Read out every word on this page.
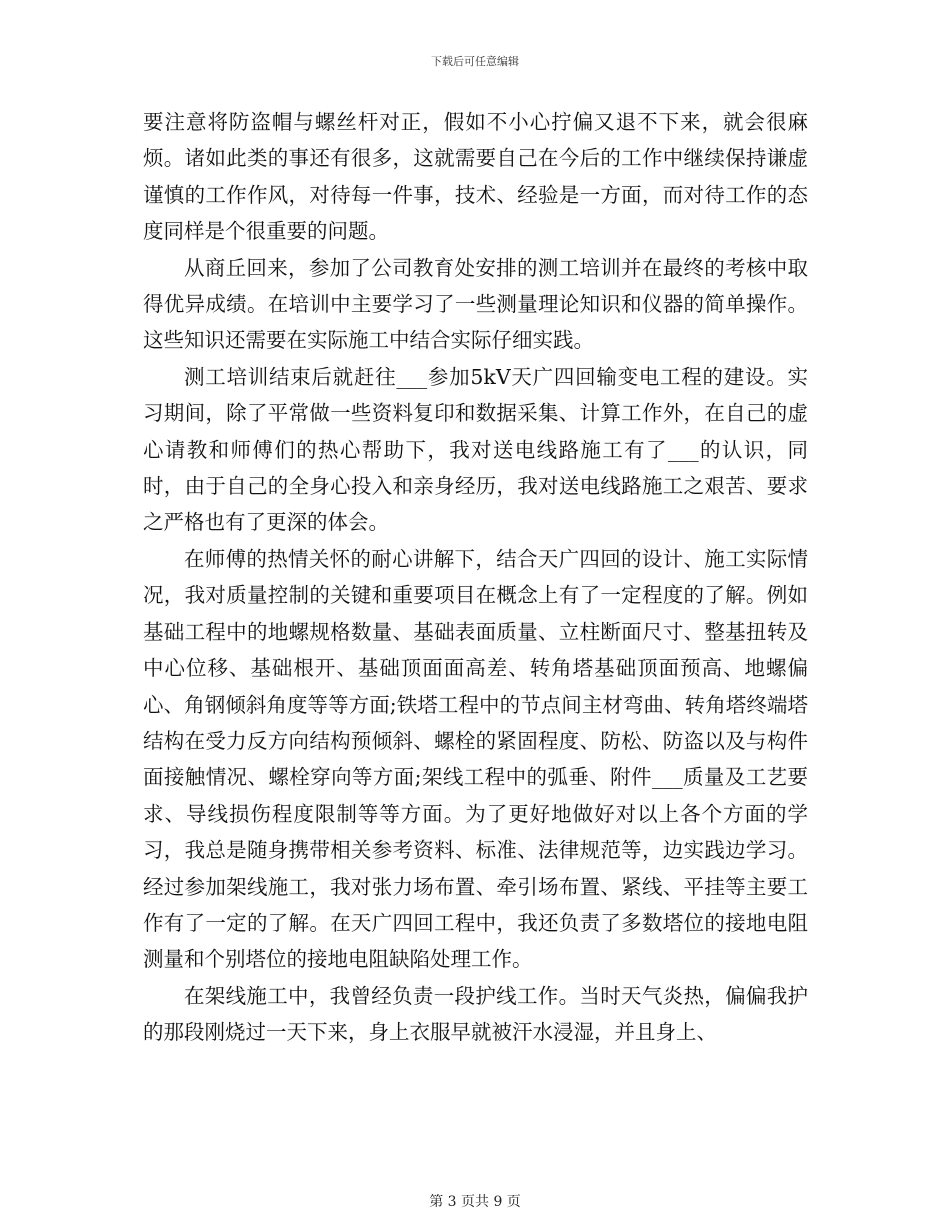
下载后可任意编辑

要注意将防盗帽与螺丝杆对正，假如不小心拧偏又退不下来，就会很麻烦。诸如此类的事还有很多，这就需要自己在今后的工作中继续保持谦虚谨慎的工作作风，对待每一件事，技术、经验是一方面，而对待工作的态度同样是个很重要的问题。

从商丘回来，参加了公司教育处安排的测工培训并在最终的考核中取得优异成绩。在培训中主要学习了一些测量理论知识和仪器的简单操作。这些知识还需要在实际施工中结合实际仔细实践。

测工培训结束后就赶往___参加5kV天广四回输变电工程的建设。实习期间，除了平常做一些资料复印和数据采集、计算工作外，在自己的虚心请教和师傅们的热心帮助下，我对送电线路施工有了___的认识，同时，由于自己的全身心投入和亲身经历，我对送电线路施工之艰苦、要求之严格也有了更深的体会。

在师傅的热情关怀的耐心讲解下，结合天广四回的设计、施工实际情况，我对质量控制的关键和重要项目在概念上有了一定程度的了解。例如基础工程中的地螺规格数量、基础表面质量、立柱断面尺寸、整基扭转及中心位移、基础根开、基础顶面面高差、转角塔基础顶面预高、地螺偏心、角钢倾斜角度等等方面;铁塔工程中的节点间主材弯曲、转角塔终端塔结构在受力反方向结构预倾斜、螺栓的紧固程度、防松、防盗以及与构件面接触情况、螺栓穿向等方面;架线工程中的弧垂、附件___质量及工艺要求、导线损伤程度限制等等方面。为了更好地做好对以上各个方面的学习，我总是随身携带相关参考资料、标准、法律规范等，边实践边学习。经过参加架线施工，我对张力场布置、牵引场布置、紧线、平挂等主要工作有了一定的了解。在天广四回工程中，我还负责了多数塔位的接地电阻测量和个别塔位的接地电阻缺陷处理工作。

在架线施工中，我曾经负责一段护线工作。当时天气炎热，偏偏我护的那段刚烧过一天下来，身上衣服早就被汗水浸湿，并且身上、

第 3 页共 9 页
